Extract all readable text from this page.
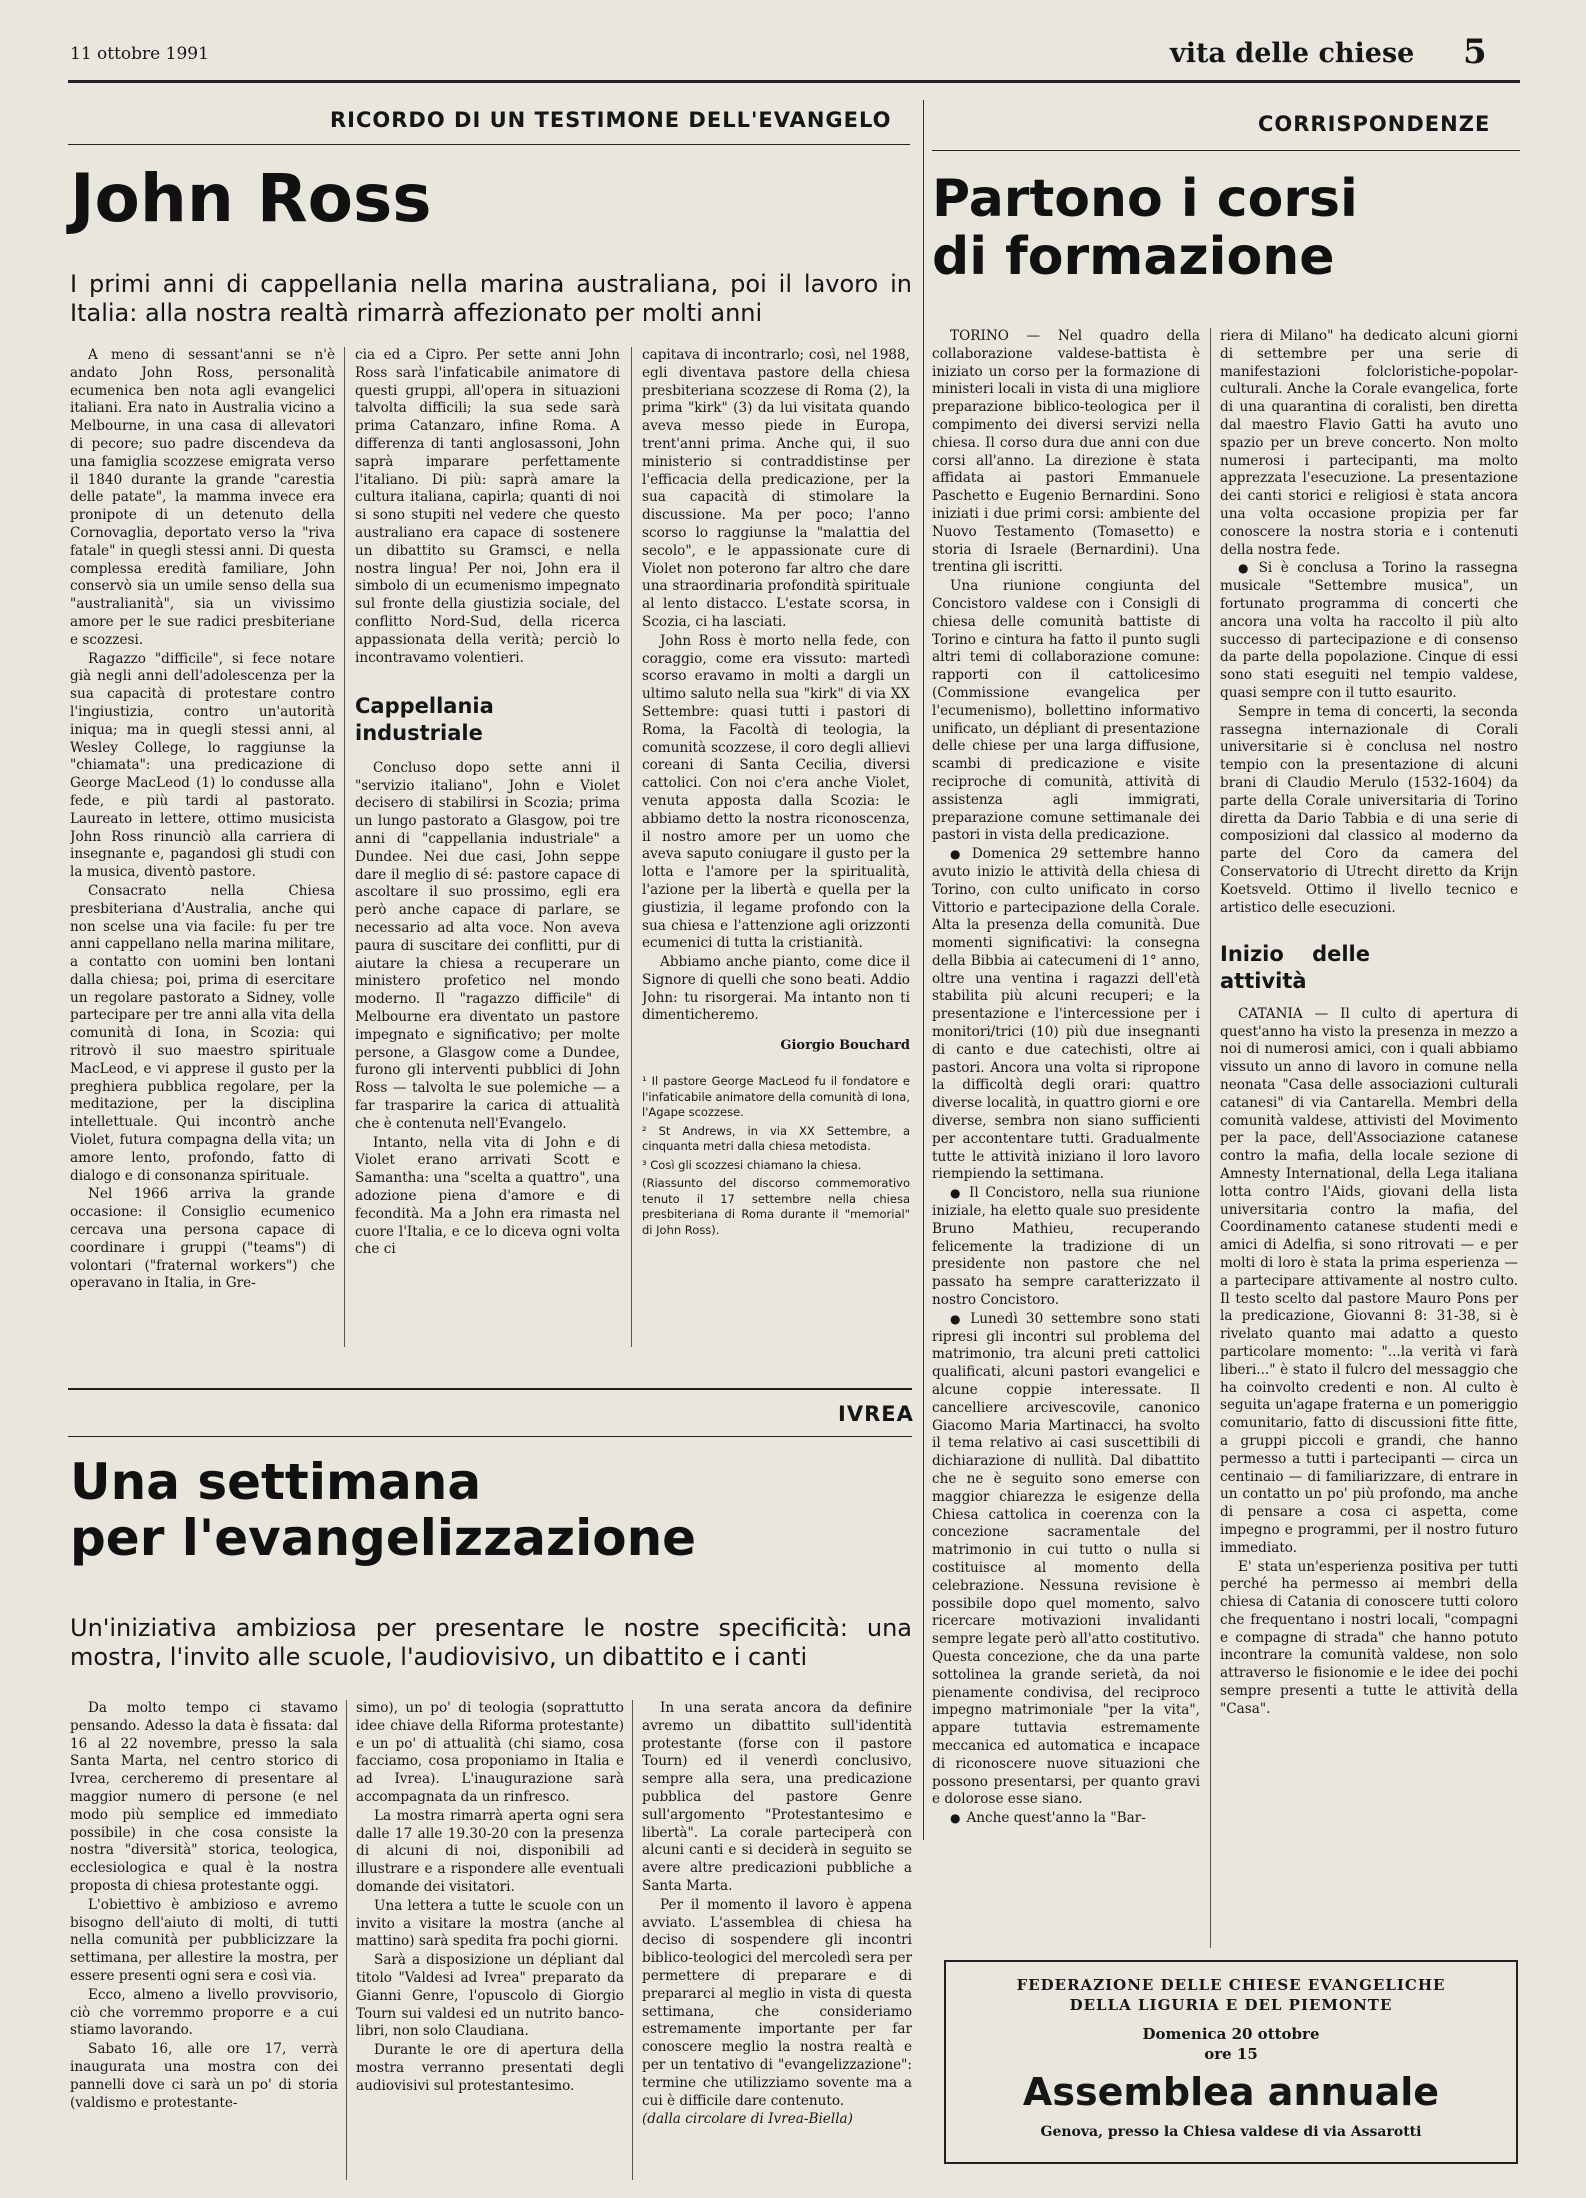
11 ottobre 1991	vita delle chiese 5
RICORDO DI UN TESTIMONE DELL'EVANGELO
John Ross
I primi anni di cappellania nella marina australiana, poi il lavoro in Italia: alla nostra realtà rimarrà affezionato per molti anni

A meno di sessant'anni se n'è andato John Ross, personalità ecumenica ben nota agli evangelici italiani. Era nato in Australia vicino a Melbourne, in una casa di allevatori di pecore; suo padre discendeva da una famiglia scozzese emigrata verso il 1840 durante la grande "carestia delle patate", la mamma invece era pronipote di un detenuto della Cornovaglia, deportato verso la "riva fatale" in quegli stessi anni. Di questa complessa eredità familiare, John conservò sia un umile senso della sua "australianità", sia un vivissimo amore per le sue radici presbiteriane e scozzesi.

Ragazzo "difficile", si fece notare già negli anni dell'adolescenza per la sua capacità di protestare contro l'ingiustizia, contro un'autorità iniqua; ma in quegli stessi anni, al Wesley College, lo raggiunse la "chiamata": una predicazione di George MacLeod (1) lo condusse alla fede, e più tardi al pastorato. Laureato in lettere, ottimo musicista John Ross rinunciò alla carriera di insegnante e, pagandosi gli studi con la musica, diventò pastore.

Consacrato nella Chiesa presbiteriana d'Australia, anche qui non scelse una via facile: fu per tre anni cappellano nella marina militare, a contatto con uomini ben lontani dalla chiesa; poi, prima di esercitare un regolare pastorato a Sidney, volle partecipare per tre anni alla vita della comunità di Iona, in Scozia: qui ritrovò il suo maestro spirituale MacLeod, e vi apprese il gusto per la preghiera pubblica regolare, per la meditazione, per la disciplina intellettuale. Qui incontrò anche Violet, futura compagna della vita; un amore lento, profondo, fatto di dialogo e di consonanza spirituale.

Nel 1966 arriva la grande occasione: il Consiglio ecumenico cercava una persona capace di coordinare i gruppi ("teams") di volontari ("fraternal workers") che operavano in Italia, in Gre-

cia ed a Cipro. Per sette anni John Ross sarà l'infaticabile animatore di questi gruppi, all'opera in situazioni talvolta difficili; la sua sede sarà prima Catanzaro, infine Roma. A differenza di tanti anglosassoni, John saprà imparare perfettamente l'italiano. Di più: saprà amare la cultura italiana, capirla; quanti di noi si sono stupiti nel vedere che questo australiano era capace di sostenere un dibattito su Gramsci, e nella nostra lingua! Per noi, John era il simbolo di un ecumenismo impegnato sul fronte della giustizia sociale, del conflitto Nord-Sud, della ricerca appassionata della verità; perciò lo incontravamo volentieri.

Cappellania industriale

Concluso dopo sette anni il "servizio italiano", John e Violet decisero di stabilirsi in Scozia; prima un lungo pastorato a Glasgow, poi tre anni di "cappellania industriale" a Dundee. Nei due casi, John seppe dare il meglio di sé: pastore capace di ascoltare il suo prossimo, egli era però anche capace di parlare, se necessario ad alta voce. Non aveva paura di suscitare dei conflitti, pur di aiutare la chiesa a recuperare un ministero profetico nel mondo moderno. Il "ragazzo difficile" di Melbourne era diventato un pastore impegnato e significativo; per molte persone, a Glasgow come a Dundee, furono gli interventi pubblici di John Ross — talvolta le sue polemiche — a far trasparire la carica di attualità che è contenuta nell'Evangelo.

Intanto, nella vita di John e di Violet erano arrivati Scott e Samantha: una "scelta a quattro", una adozione piena d'amore e di fecondità. Ma a John era rimasta nel cuore l'Italia, e ce lo diceva ogni volta che ci

capitava di incontrarlo; così, nel 1988, egli diventava pastore della chiesa presbiteriana scozzese di Roma (2), la prima "kirk" (3) da lui visitata quando aveva messo piede in Europa, trent'anni prima. Anche qui, il suo ministerio si contraddistinse per l'efficacia della predicazione, per la sua capacità di stimolare la discussione. Ma per poco; l'anno scorso lo raggiunse la "malattia del secolo", e le appassionate cure di Violet non poterono far altro che dare una straordinaria profondità spirituale al lento distacco. L'estate scorsa, in Scozia, ci ha lasciati.

John Ross è morto nella fede, con coraggio, come era vissuto: martedì scorso eravamo in molti a dargli un ultimo saluto nella sua "kirk" di via XX Settembre: quasi tutti i pastori di Roma, la Facoltà di teologia, la comunità scozzese, il coro degli allievi coreani di Santa Cecilia, diversi cattolici. Con noi c'era anche Violet, venuta apposta dalla Scozia: le abbiamo detto la nostra riconoscenza, il nostro amore per un uomo che aveva saputo coniugare il gusto per la lotta e l'amore per la spiritualità, l'azione per la libertà e quella per la giustizia, il legame profondo con la sua chiesa e l'attenzione agli orizzonti ecumenici di tutta la cristianità.

Abbiamo anche pianto, come dice il Signore di quelli che sono beati. Addio John: tu risorgerai. Ma intanto non ti dimenticheremo.

Giorgio Bouchard

¹ Il pastore George MacLeod fu il fondatore e l'infaticabile animatore della comunità di Iona, l'Agape scozzese.

² St Andrews, in via XX Settembre, a cinquanta metri dalla chiesa metodista.

³ Così gli scozzesi chiamano la chiesa.

(Riassunto del discorso commemorativo tenuto il 17 settembre nella chiesa presbiteriana di Roma durante il "memorial" di John Ross).

CORRISPONDENZE
Partono i corsi
di formazione

TORINO — Nel quadro della collaborazione valdese-battista è iniziato un corso per la formazione di ministeri locali in vista di una migliore preparazione biblico-teologica per il compimento dei diversi servizi nella chiesa. Il corso dura due anni con due corsi all'anno. La direzione è stata affidata ai pastori Emmanuele Paschetto e Eugenio Bernardini. Sono iniziati i due primi corsi: ambiente del Nuovo Testamento (Tomasetto) e storia di Israele (Bernardini). Una trentina gli iscritti.

Una riunione congiunta del Concistoro valdese con i Consigli di chiesa delle comunità battiste di Torino e cintura ha fatto il punto sugli altri temi di collaborazione comune: rapporti con il cattolicesimo (Commissione evangelica per l'ecumenismo), bollettino informativo unificato, un dépliant di presentazione delle chiese per una larga diffusione, scambi di predicazione e visite reciproche di comunità, attività di assistenza agli immigrati, preparazione comune settimanale dei pastori in vista della predicazione.

● Domenica 29 settembre hanno avuto inizio le attività della chiesa di Torino, con culto unificato in corso Vittorio e partecipazione della Corale. Alta la presenza della comunità. Due momenti significativi: la consegna della Bibbia ai catecumeni di 1° anno, oltre una ventina i ragazzi dell'età stabilita più alcuni recuperi; e la presentazione e l'intercessione per i monitori/trici (10) più due insegnanti di canto e due catechisti, oltre ai pastori. Ancora una volta si ripropone la difficoltà degli orari: quattro diverse località, in quattro giorni e ore diverse, sembra non siano sufficienti per accontentare tutti. Gradualmente tutte le attività iniziano il loro lavoro riempiendo la settimana.

● Il Concistoro, nella sua riunione iniziale, ha eletto quale suo presidente Bruno Mathieu, recuperando felicemente la tradizione di un presidente non pastore che nel passato ha sempre caratterizzato il nostro Concistoro.

● Lunedì 30 settembre sono stati ripresi gli incontri sul problema del matrimonio, tra alcuni preti cattolici qualificati, alcuni pastori evangelici e alcune coppie interessate. Il cancelliere arcivescovile, canonico Giacomo Maria Martinacci, ha svolto il tema relativo ai casi suscettibili di dichiarazione di nullità. Dal dibattito che ne è seguito sono emerse con maggior chiarezza le esigenze della Chiesa cattolica in coerenza con la concezione sacramentale del matrimonio in cui tutto o nulla si costituisce al momento della celebrazione. Nessuna revisione è possibile dopo quel momento, salvo ricercare motivazioni invalidanti sempre legate però all'atto costitutivo. Questa concezione, che da una parte sottolinea la grande serietà, da noi pienamente condivisa, del reciproco impegno matrimoniale "per la vita", appare tuttavia estremamente meccanica ed automatica e incapace di riconoscere nuove situazioni che possono presentarsi, per quanto gravi e dolorose esse siano.

● Anche quest'anno la "Bar-

riera di Milano" ha dedicato alcuni giorni di settembre per una serie di manifestazioni folcloristiche-popolar-culturali. Anche la Corale evangelica, forte di una quarantina di coralisti, ben diretta dal maestro Flavio Gatti ha avuto uno spazio per un breve concerto. Non molto numerosi i partecipanti, ma molto apprezzata l'esecuzione. La presentazione dei canti storici e religiosi è stata ancora una volta occasione propizia per far conoscere la nostra storia e i contenuti della nostra fede.

● Si è conclusa a Torino la rassegna musicale "Settembre musica", un fortunato programma di concerti che ancora una volta ha raccolto il più alto successo di partecipazione e di consenso da parte della popolazione. Cinque di essi sono stati eseguiti nel tempio valdese, quasi sempre con il tutto esaurito.

Sempre in tema di concerti, la seconda rassegna internazionale di Corali universitarie si è conclusa nel nostro tempio con la presentazione di alcuni brani di Claudio Merulo (1532-1604) da parte della Corale universitaria di Torino diretta da Dario Tabbia e di una serie di composizioni dal classico al moderno da parte del Coro da camera del Conservatorio di Utrecht diretto da Krijn Koetsveld. Ottimo il livello tecnico e artistico delle esecuzioni.

Inizio delle attività

CATANIA — Il culto di apertura di quest'anno ha visto la presenza in mezzo a noi di numerosi amici, con i quali abbiamo vissuto un anno di lavoro in comune nella neonata "Casa delle associazioni culturali catanesi" di via Cantarella. Membri della comunità valdese, attivisti del Movimento per la pace, dell'Associazione catanese contro la mafia, della locale sezione di Amnesty International, della Lega italiana lotta contro l'Aids, giovani della lista universitaria contro la mafia, del Coordinamento catanese studenti medi e amici di Adelfia, si sono ritrovati — e per molti di loro è stata la prima esperienza — a partecipare attivamente al nostro culto. Il testo scelto dal pastore Mauro Pons per la predicazione, Giovanni 8: 31-38, si è rivelato quanto mai adatto a questo particolare momento: "...la verità vi farà liberi..." è stato il fulcro del messaggio che ha coinvolto credenti e non. Al culto è seguita un'agape fraterna e un pomeriggio comunitario, fatto di discussioni fitte fitte, a gruppi piccoli e grandi, che hanno permesso a tutti i partecipanti — circa un centinaio — di familiarizzare, di entrare in un contatto un po' più profondo, ma anche di pensare a cosa ci aspetta, come impegno e programmi, per il nostro futuro immediato.

E' stata un'esperienza positiva per tutti perché ha permesso ai membri della chiesa di Catania di conoscere tutti coloro che frequentano i nostri locali, "compagni e compagne di strada" che hanno potuto incontrare la comunità valdese, non solo attraverso le fisionomie e le idee dei pochi sempre presenti a tutte le attività della "Casa".

IVREA
Una settimana
per l'evangelizzazione
Un'iniziativa ambiziosa per presentare le nostre specificità: una mostra, l'invito alle scuole, l'audiovisivo, un dibattito e i canti

Da molto tempo ci stavamo pensando. Adesso la data è fissata: dal 16 al 22 novembre, presso la sala Santa Marta, nel centro storico di Ivrea, cercheremo di presentare al maggior numero di persone (e nel modo più semplice ed immediato possibile) in che cosa consiste la nostra "diversità" storica, teologica, ecclesiologica e qual è la nostra proposta di chiesa protestante oggi.

L'obiettivo è ambizioso e avremo bisogno dell'aiuto di molti, di tutti nella comunità per pubblicizzare la settimana, per allestire la mostra, per essere presenti ogni sera e così via.

Ecco, almeno a livello provvisorio, ciò che vorremmo proporre e a cui stiamo lavorando.

Sabato 16, alle ore 17, verrà inaugurata una mostra con dei pannelli dove ci sarà un po' di storia (valdismo e protestante-

simo), un po' di teologia (soprattutto idee chiave della Riforma protestante) e un po' di attualità (chi siamo, cosa facciamo, cosa proponiamo in Italia e ad Ivrea). L'inaugurazione sarà accompagnata da un rinfresco.

La mostra rimarrà aperta ogni sera dalle 17 alle 19.30-20 con la presenza di alcuni di noi, disponibili ad illustrare e a rispondere alle eventuali domande dei visitatori.

Una lettera a tutte le scuole con un invito a visitare la mostra (anche al mattino) sarà spedita fra pochi giorni.

Sarà a disposizione un dépliant dal titolo "Valdesi ad Ivrea" preparato da Gianni Genre, l'opuscolo di Giorgio Tourn sui valdesi ed un nutrito banco-libri, non solo Claudiana.

Durante le ore di apertura della mostra verranno presentati degli audiovisivi sul protestantesimo.

In una serata ancora da definire avremo un dibattito sull'identità protestante (forse con il pastore Tourn) ed il venerdì conclusivo, sempre alla sera, una predicazione pubblica del pastore Genre sull'argomento "Protestantesimo e libertà". La corale parteciperà con alcuni canti e si deciderà in seguito se avere altre predicazioni pubbliche a Santa Marta.

Per il momento il lavoro è appena avviato. L'assemblea di chiesa ha deciso di sospendere gli incontri biblico-teologici del mercoledì sera per permettere di preparare e di prepararci al meglio in vista di questa settimana, che consideriamo estremamente importante per far conoscere meglio la nostra realtà e per un tentativo di "evangelizzazione": termine che utilizziamo sovente ma a cui è difficile dare contenuto.

(dalla circolare di Ivrea-Biella)

FEDERAZIONE DELLE CHIESE EVANGELICHE
DELLA LIGURIA E DEL PIEMONTE
Domenica 20 ottobre
ore 15
Assemblea annuale
Genova, presso la Chiesa valdese di via Assarotti
